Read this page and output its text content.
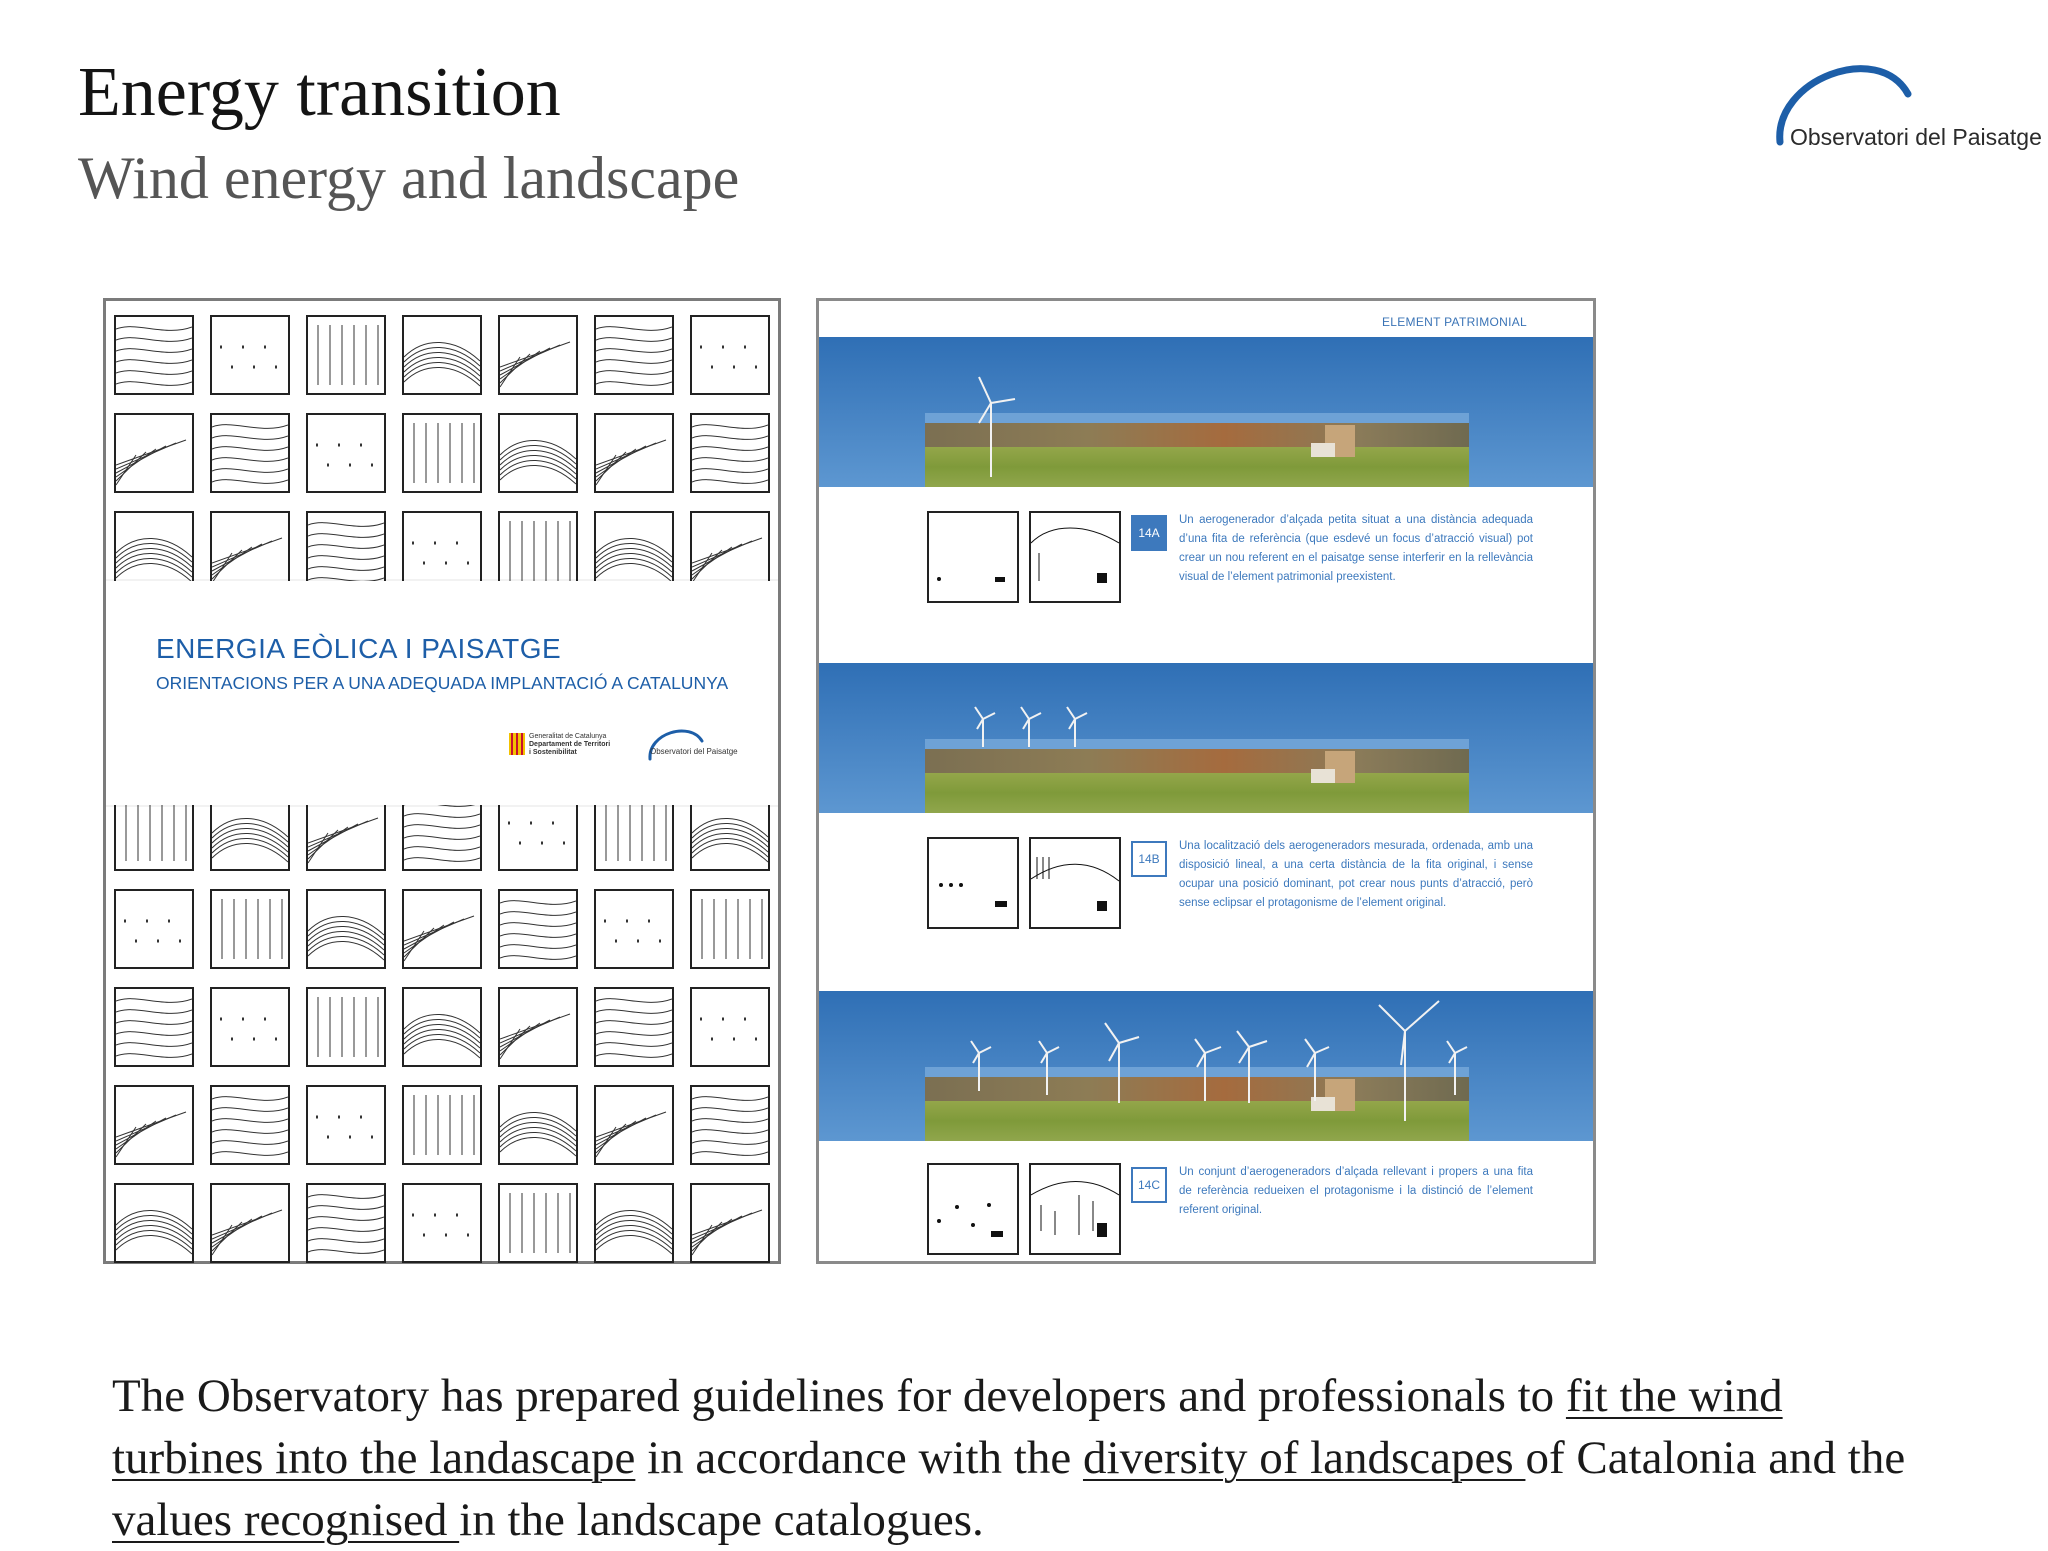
Energy transition
Wind energy and landscape
Observatori del Paisatge
ENERGIA EÒLICA I PAISATGE
ORIENTACIONS PER A UNA ADEQUADA IMPLANTACIÓ A CATALUNYA
Generalitat de Catalunya
Departament de Territori
i Sostenibilitat	Observatori del Paisatge
ELEMENT PATRIMONIAL
14A
Un aerogenerador d’alçada petita situat a una distància adequada d’una fita de referència (que esdevé un focus d’atracció visual) pot crear un nou referent en el paisatge sense interferir en la rellevància visual de l’element patrimonial preexistent.
14B
Una localització dels aerogeneradors mesurada, ordenada, amb una disposició lineal, a una certa distància de la fita original, i sense ocupar una posició dominant, pot crear nous punts d’atracció, però sense eclipsar el protagonisme de l’element original.
14C
Un conjunt d’aerogeneradors d’alçada rellevant i propers a una fita de referència redueixen el protagonisme i la distinció de l’element referent original.

The Observatory has prepared guidelines for developers and professionals to fit the wind turbines into the landascape in accordance with the diversity of landscapes of Catalonia and the values recognised in the landscape catalogues.
